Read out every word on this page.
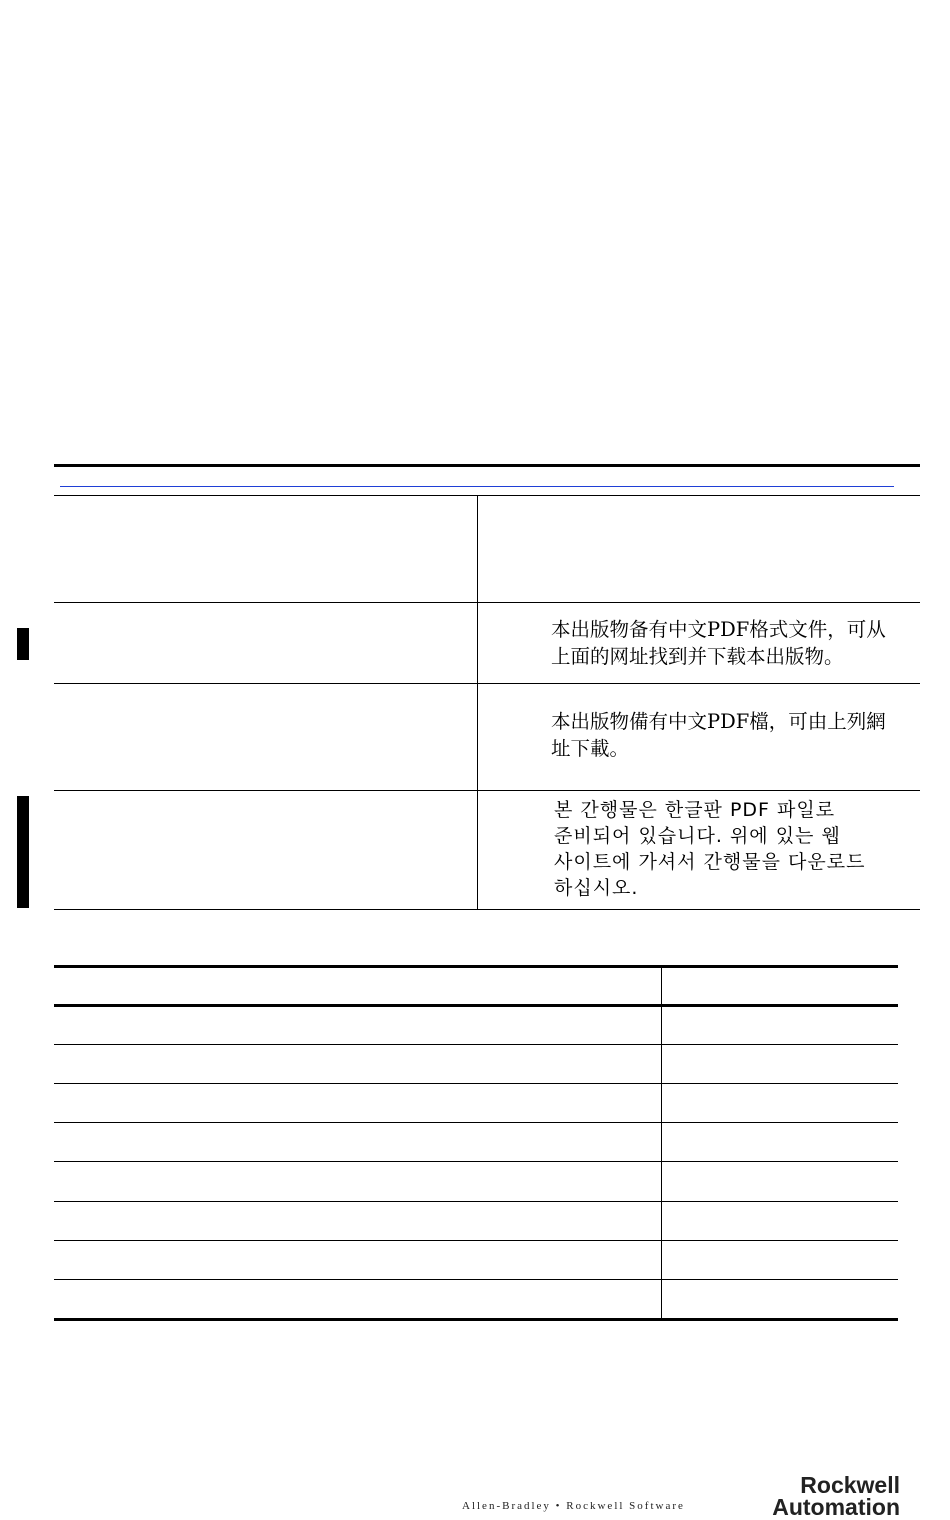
本出版物备有中文PDF格式文件，可从
上面的网址找到并下载本出版物。
本出版物備有中文PDF檔，可由上列網
址下載。
본 간행물은 한글판 PDF 파일로
준비되어 있습니다. 위에 있는 웹
사이트에 가셔서 간행물을 다운로드
하십시오.
Allen-Bradley • Rockwell Software
Rockwell
Automation
